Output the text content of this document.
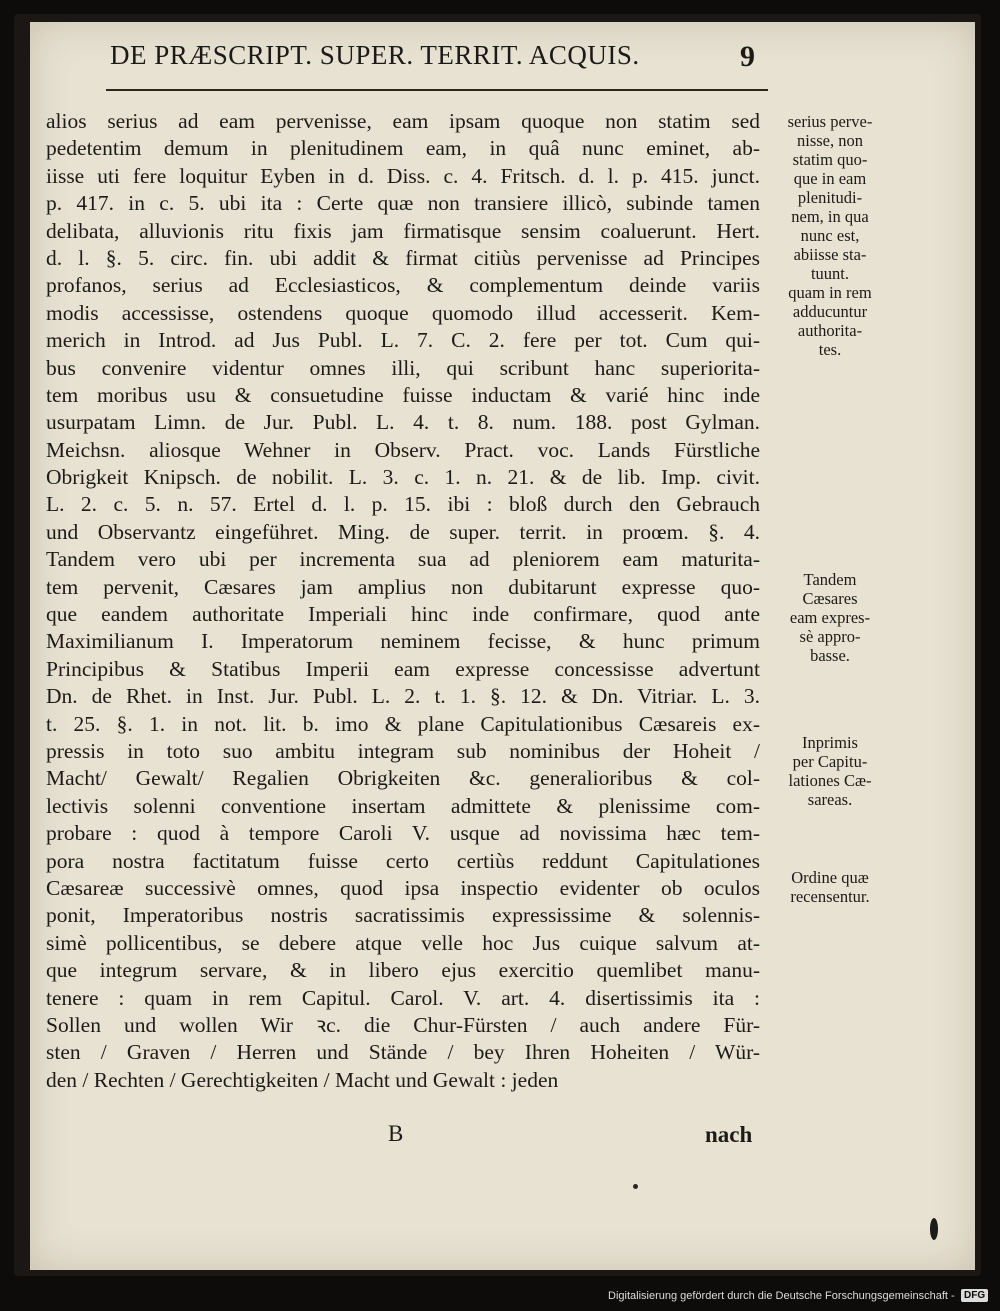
DE PRÆSCRIPT. SUPER. TERRIT. ACQUIS.	9
alios serius ad eam pervenisse, eam ipsam quoque non statim sed
pedetentim demum in plenitudinem eam, in quâ nunc eminet, ab-
iisse uti fere loquitur Eyben in d. Diss. c. 4. Fritsch. d. l. p. 415. junct.
p. 417. in c. 5. ubi ita : Certe quæ non transiere illicò, subinde tamen
delibata, alluvionis ritu fixis jam firmatisque sensim coaluerunt. Hert.
d. l. §. 5. circ. fin. ubi addit & firmat citiùs pervenisse ad Principes
profanos, serius ad Ecclesiasticos, & complementum deinde variis
modis accessisse, ostendens quoque quomodo illud accesserit. Kem-
merich in Introd. ad Jus Publ. L. 7. C. 2. fere per tot. Cum qui-
bus convenire videntur omnes illi, qui scribunt hanc superiorita-
tem moribus usu & consuetudine fuisse inductam & varié hinc inde
usurpatam Limn. de Jur. Publ. L. 4. t. 8. num. 188. post Gylman.
Meichsn. aliosque Wehner in Observ. Pract. voc. Lands Fürstliche
Obrigkeit Knipsch. de nobilit. L. 3. c. 1. n. 21. & de lib. Imp. civit.
L. 2. c. 5. n. 57. Ertel d. l. p. 15. ibi : bloß durch den Gebrauch
und Observantz eingeführet. Ming. de super. territ. in proœm. §. 4.
Tandem vero ubi per incrementa sua ad pleniorem eam maturita-
tem pervenit, Cæsares jam amplius non dubitarunt expresse quo-
que eandem authoritate Imperiali hinc inde confirmare, quod ante
Maximilianum I. Imperatorum neminem fecisse, & hunc primum
Principibus & Statibus Imperii eam expresse concessisse advertunt
Dn. de Rhet. in Inst. Jur. Publ. L. 2. t. 1. §. 12. & Dn. Vitriar. L. 3.
t. 25. §. 1. in not. lit. b. imo & plane Capitulationibus Cæsareis ex-
pressis in toto suo ambitu integram sub nominibus der Hoheit /
Macht/ Gewalt/ Regalien Obrigkeiten &c. generalioribus & col-
lectivis solenni conventione insertam admittete & plenissime com-
probare : quod à tempore Caroli V. usque ad novissima hæc tem-
pora nostra factitatum fuisse certo certiùs reddunt Capitulationes
Cæsareæ successivè omnes, quod ipsa inspectio evidenter ob oculos
ponit, Imperatoribus nostris sacratissimis expressissime & solennis-
simè pollicentibus, se debere atque velle hoc Jus cuique salvum at-
que integrum servare, & in libero ejus exercitio quemlibet manu-
tenere : quam in rem Capitul. Carol. V. art. 4. disertissimis ita :
Sollen und wollen Wir ꝛc. die Chur-Fürsten / auch andere Für-
sten / Graven / Herren und Stände / bey Ihren Hoheiten / Wür-
den / Rechten / Gerechtigkeiten / Macht und Gewalt : jeden
serius perve-
nisse, non
statim quo-
que in eam
plenitudi-
nem, in qua
nunc est,
abiisse sta-
tuunt.
quam in rem
adducuntur
authorita-
tes.
Tandem
Cæsares
eam expres-
sè appro-
basse.
Inprimis
per Capitu-
lationes Cæ-
sareas.
Ordine quæ
recensentur.
B	nach
Digitalisierung gefördert durch die Deutsche Forschungsgemeinschaft - DFG
